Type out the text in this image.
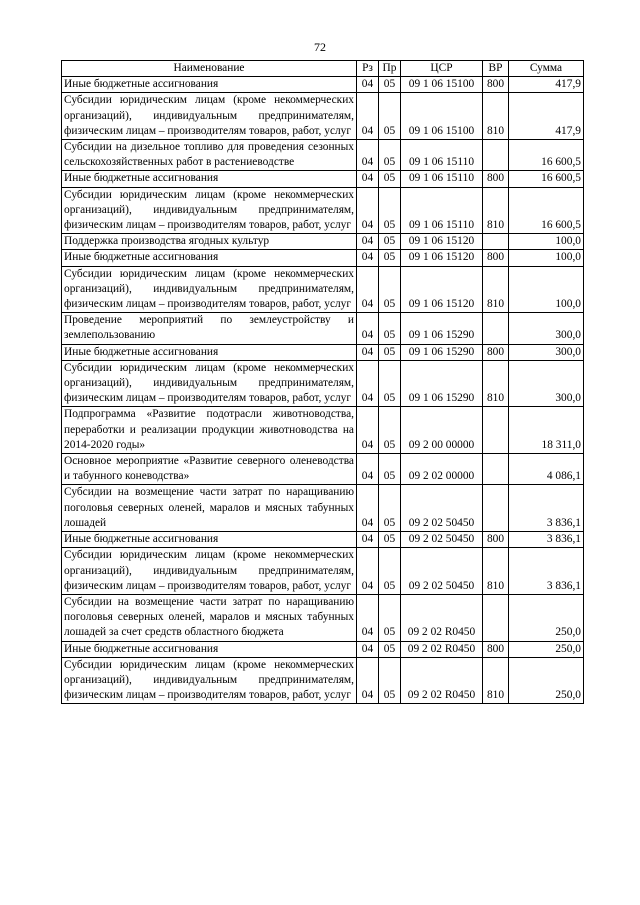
72
Наименование	Рз	Пр	ЦСР	ВР	Сумма
Иные бюджетные ассигнования	04	05	09 1 06 15100	800	417,9
Субсидии юридическим лицам (кроме некоммерческих организаций), индивидуальным предпринимателям, физическим лицам – производителям товаров, работ, услуг	04	05	09 1 06 15100	810	417,9
Субсидии на дизельное топливо для проведения сезонных сельскохозяйственных работ в растениеводстве	04	05	09 1 06 15110		16 600,5
Иные бюджетные ассигнования	04	05	09 1 06 15110	800	16 600,5
Субсидии юридическим лицам (кроме некоммерческих организаций), индивидуальным предпринимателям, физическим лицам – производителям товаров, работ, услуг	04	05	09 1 06 15110	810	16 600,5
Поддержка производства ягодных культур	04	05	09 1 06 15120		100,0
Иные бюджетные ассигнования	04	05	09 1 06 15120	800	100,0
Субсидии юридическим лицам (кроме некоммерческих организаций), индивидуальным предпринимателям, физическим лицам – производителям товаров, работ, услуг	04	05	09 1 06 15120	810	100,0
Проведение мероприятий по землеустройству и землепользованию	04	05	09 1 06 15290		300,0
Иные бюджетные ассигнования	04	05	09 1 06 15290	800	300,0
Субсидии юридическим лицам (кроме некоммерческих организаций), индивидуальным предпринимателям, физическим лицам – производителям товаров, работ, услуг	04	05	09 1 06 15290	810	300,0
Подпрограмма «Развитие подотрасли животноводства, переработки и реализации продукции животноводства на 2014-2020 годы»	04	05	09 2 00 00000		18 311,0
Основное мероприятие «Развитие северного оленеводства и табунного коневодства»	04	05	09 2 02 00000		4 086,1
Субсидии на возмещение части затрат по наращиванию поголовья северных оленей, маралов и мясных табунных лошадей	04	05	09 2 02 50450		3 836,1
Иные бюджетные ассигнования	04	05	09 2 02 50450	800	3 836,1
Субсидии юридическим лицам (кроме некоммерческих организаций), индивидуальным предпринимателям, физическим лицам – производителям товаров, работ, услуг	04	05	09 2 02 50450	810	3 836,1
Субсидии на возмещение части затрат по наращиванию поголовья северных оленей, маралов и мясных табунных лошадей за счет средств областного бюджета	04	05	09 2 02 R0450		250,0
Иные бюджетные ассигнования	04	05	09 2 02 R0450	800	250,0
Субсидии юридическим лицам (кроме некоммерческих организаций), индивидуальным предпринимателям, физическим лицам – производителям товаров, работ, услуг	04	05	09 2 02 R0450	810	250,0
